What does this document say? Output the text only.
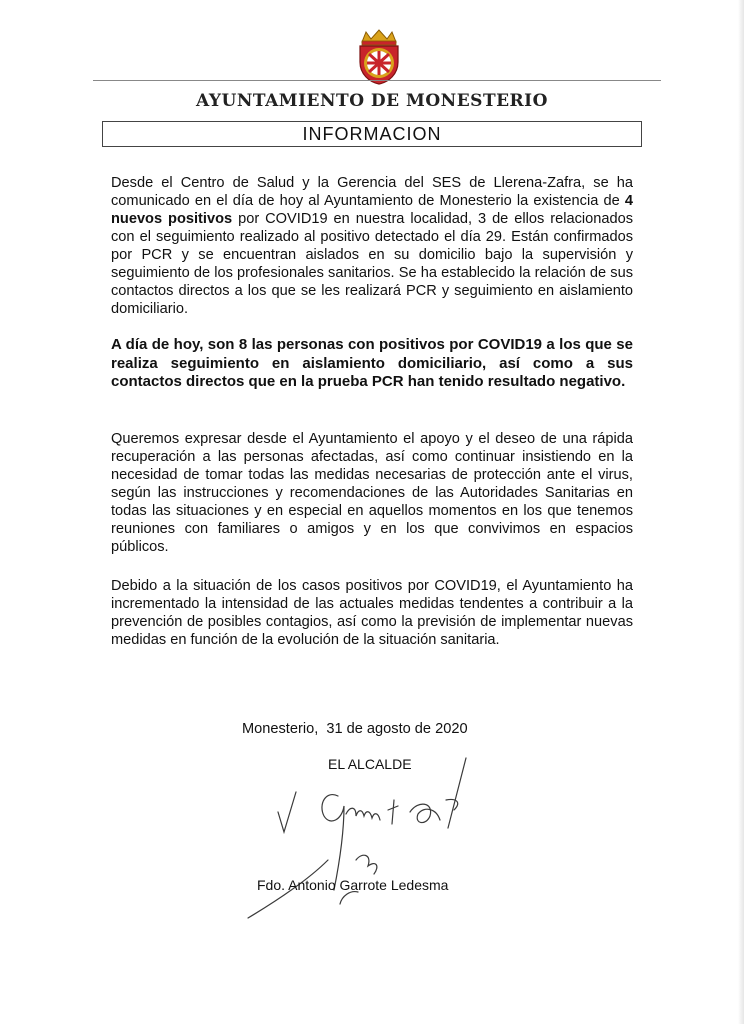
AYUNTAMIENTO DE MONESTERIO
INFORMACION
Desde el Centro de Salud y la Gerencia del SES de Llerena-Zafra, se ha comunicado en el día de hoy al Ayuntamiento de Monesterio la existencia de 4 nuevos positivos por COVID19 en nuestra localidad, 3 de ellos relacionados con el seguimiento realizado al positivo detectado el día 29. Están confirmados por PCR y se encuentran aislados en su domicilio bajo la supervisión y seguimiento de los profesionales sanitarios. Se ha establecido la relación de sus contactos directos a los que se les realizará PCR y seguimiento en aislamiento domiciliario.
A día de hoy, son 8 las personas con positivos por COVID19 a los que se realiza seguimiento en aislamiento domiciliario, así como a sus contactos directos que en la prueba PCR han tenido resultado negativo.
Queremos expresar desde el Ayuntamiento el apoyo y el deseo de una rápida recuperación a las personas afectadas, así como continuar insistiendo en la necesidad de tomar todas las medidas necesarias de protección ante el virus, según las instrucciones y recomendaciones de las Autoridades Sanitarias en todas las situaciones y en especial en aquellos momentos en los que tenemos reuniones con familiares o amigos y en los que convivimos en espacios públicos.
Debido a la situación de los casos positivos por COVID19, el Ayuntamiento ha incrementado la intensidad de las actuales medidas tendentes a contribuir a la prevención de posibles contagios, así como la previsión de implementar nuevas medidas en función de la evolución de la situación sanitaria.
Monesterio,  31 de agosto de 2020
EL ALCALDE
Fdo. Antonio Garrote Ledesma
